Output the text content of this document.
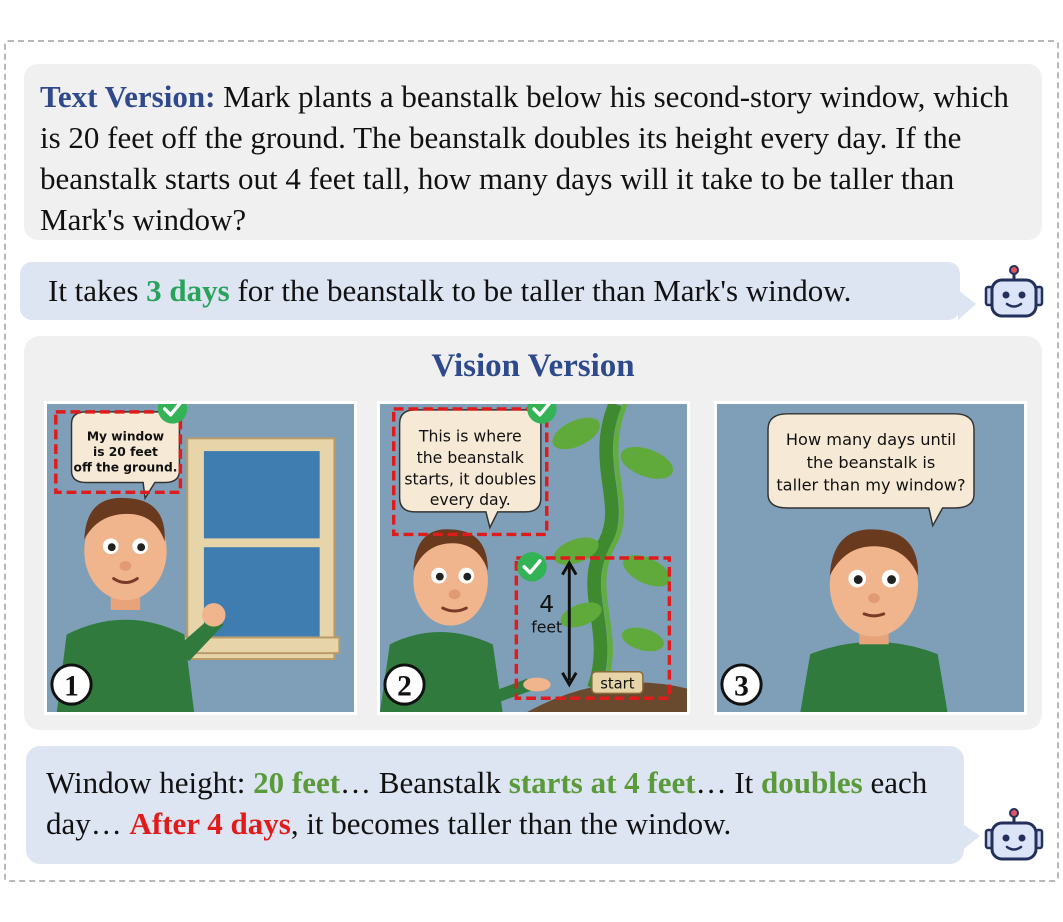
Text Version: Mark plants a beanstalk below his second-story window, which is 20 feet off the ground. The beanstalk doubles its height every day. If the beanstalk starts out 4 feet tall, how many days will it take to be taller than Mark's window?
It takes 3 days for the beanstalk to be taller than Mark's window.
Vision Version
My window
is 20 feet
off the ground.
1
This is where
the beanstalk
starts, it doubles
every day.
4
feet
start
2
How many days until
the beanstalk is
taller than my window?
3
Window height: 20 feet… Beanstalk starts at 4 feet… It doubles each day… After 4 days, it becomes taller than the window.
